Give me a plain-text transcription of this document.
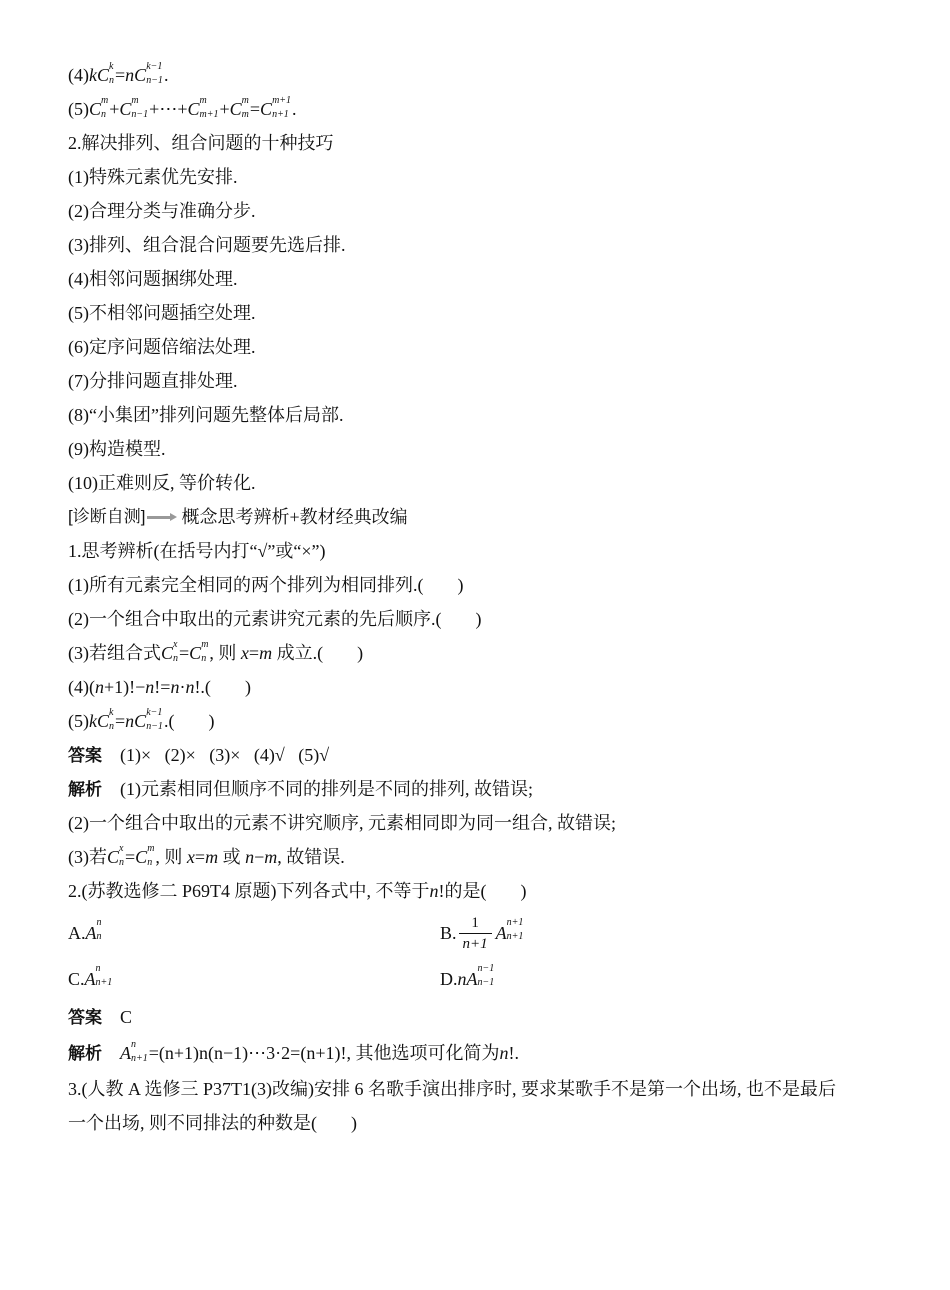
(4)kC k
n =nC k−1
n−1 .
(5)C m
n +C m
n−1 +⋯+C m
m+1 +C m
m =C m+1
n+1 .
2.解决排列、组合问题的十种技巧
(1)特殊元素优先安排.
(2)合理分类与准确分步.
(3)排列、组合混合问题要先选后排.
(4)相邻问题捆绑处理.
(5)不相邻问题插空处理.
(6)定序问题倍缩法处理.
(7)分排问题直排处理.
(8)“小集团”排列问题先整体后局部.
(9)构造模型.
(10)正难则反, 等价转化.
[诊断自测] 概念思考辨析+教材经典改编
1.思考辨析(在括号内打“√”或“×”)
(1)所有元素完全相同的两个排列为相同排列.( )
(2)一个组合中取出的元素讲究元素的先后顺序.( )
(3)若组合式C x
n =C m
n , 则 x=m 成立.( )
(4)(n+1)!−n!=n·n!.( )
(5)kC k
n =nC k−1
n−1 .( )
答案 (1)×   (2)×   (3)×   (4)√   (5)√
解析 (1)元素相同但顺序不同的排列是不同的排列, 故错误;
(2)一个组合中取出的元素不讲究顺序, 元素相同即为同一组合, 故错误;
(3)若C x
n =C m
n , 则 x=m 或 n−m, 故错误.
2.(苏教选修二 P69T4 原题)下列各式中, 不等于n!的是( )
A. A n
n	B. $\frac{1}{n+1}$ A n+1
n+1
C. A n
n+1	D. n A n−1
n−1
答案 C
解析 A n
n+1 =(n+1)n(n−1)⋯3·2=(n+1)!, 其他选项可化简为n!.
3.(人教 A 选修三 P37T1(3)改编)安排 6 名歌手演出排序时, 要求某歌手不是第一个出场, 也不是最后
一个出场, 则不同排法的种数是( )
